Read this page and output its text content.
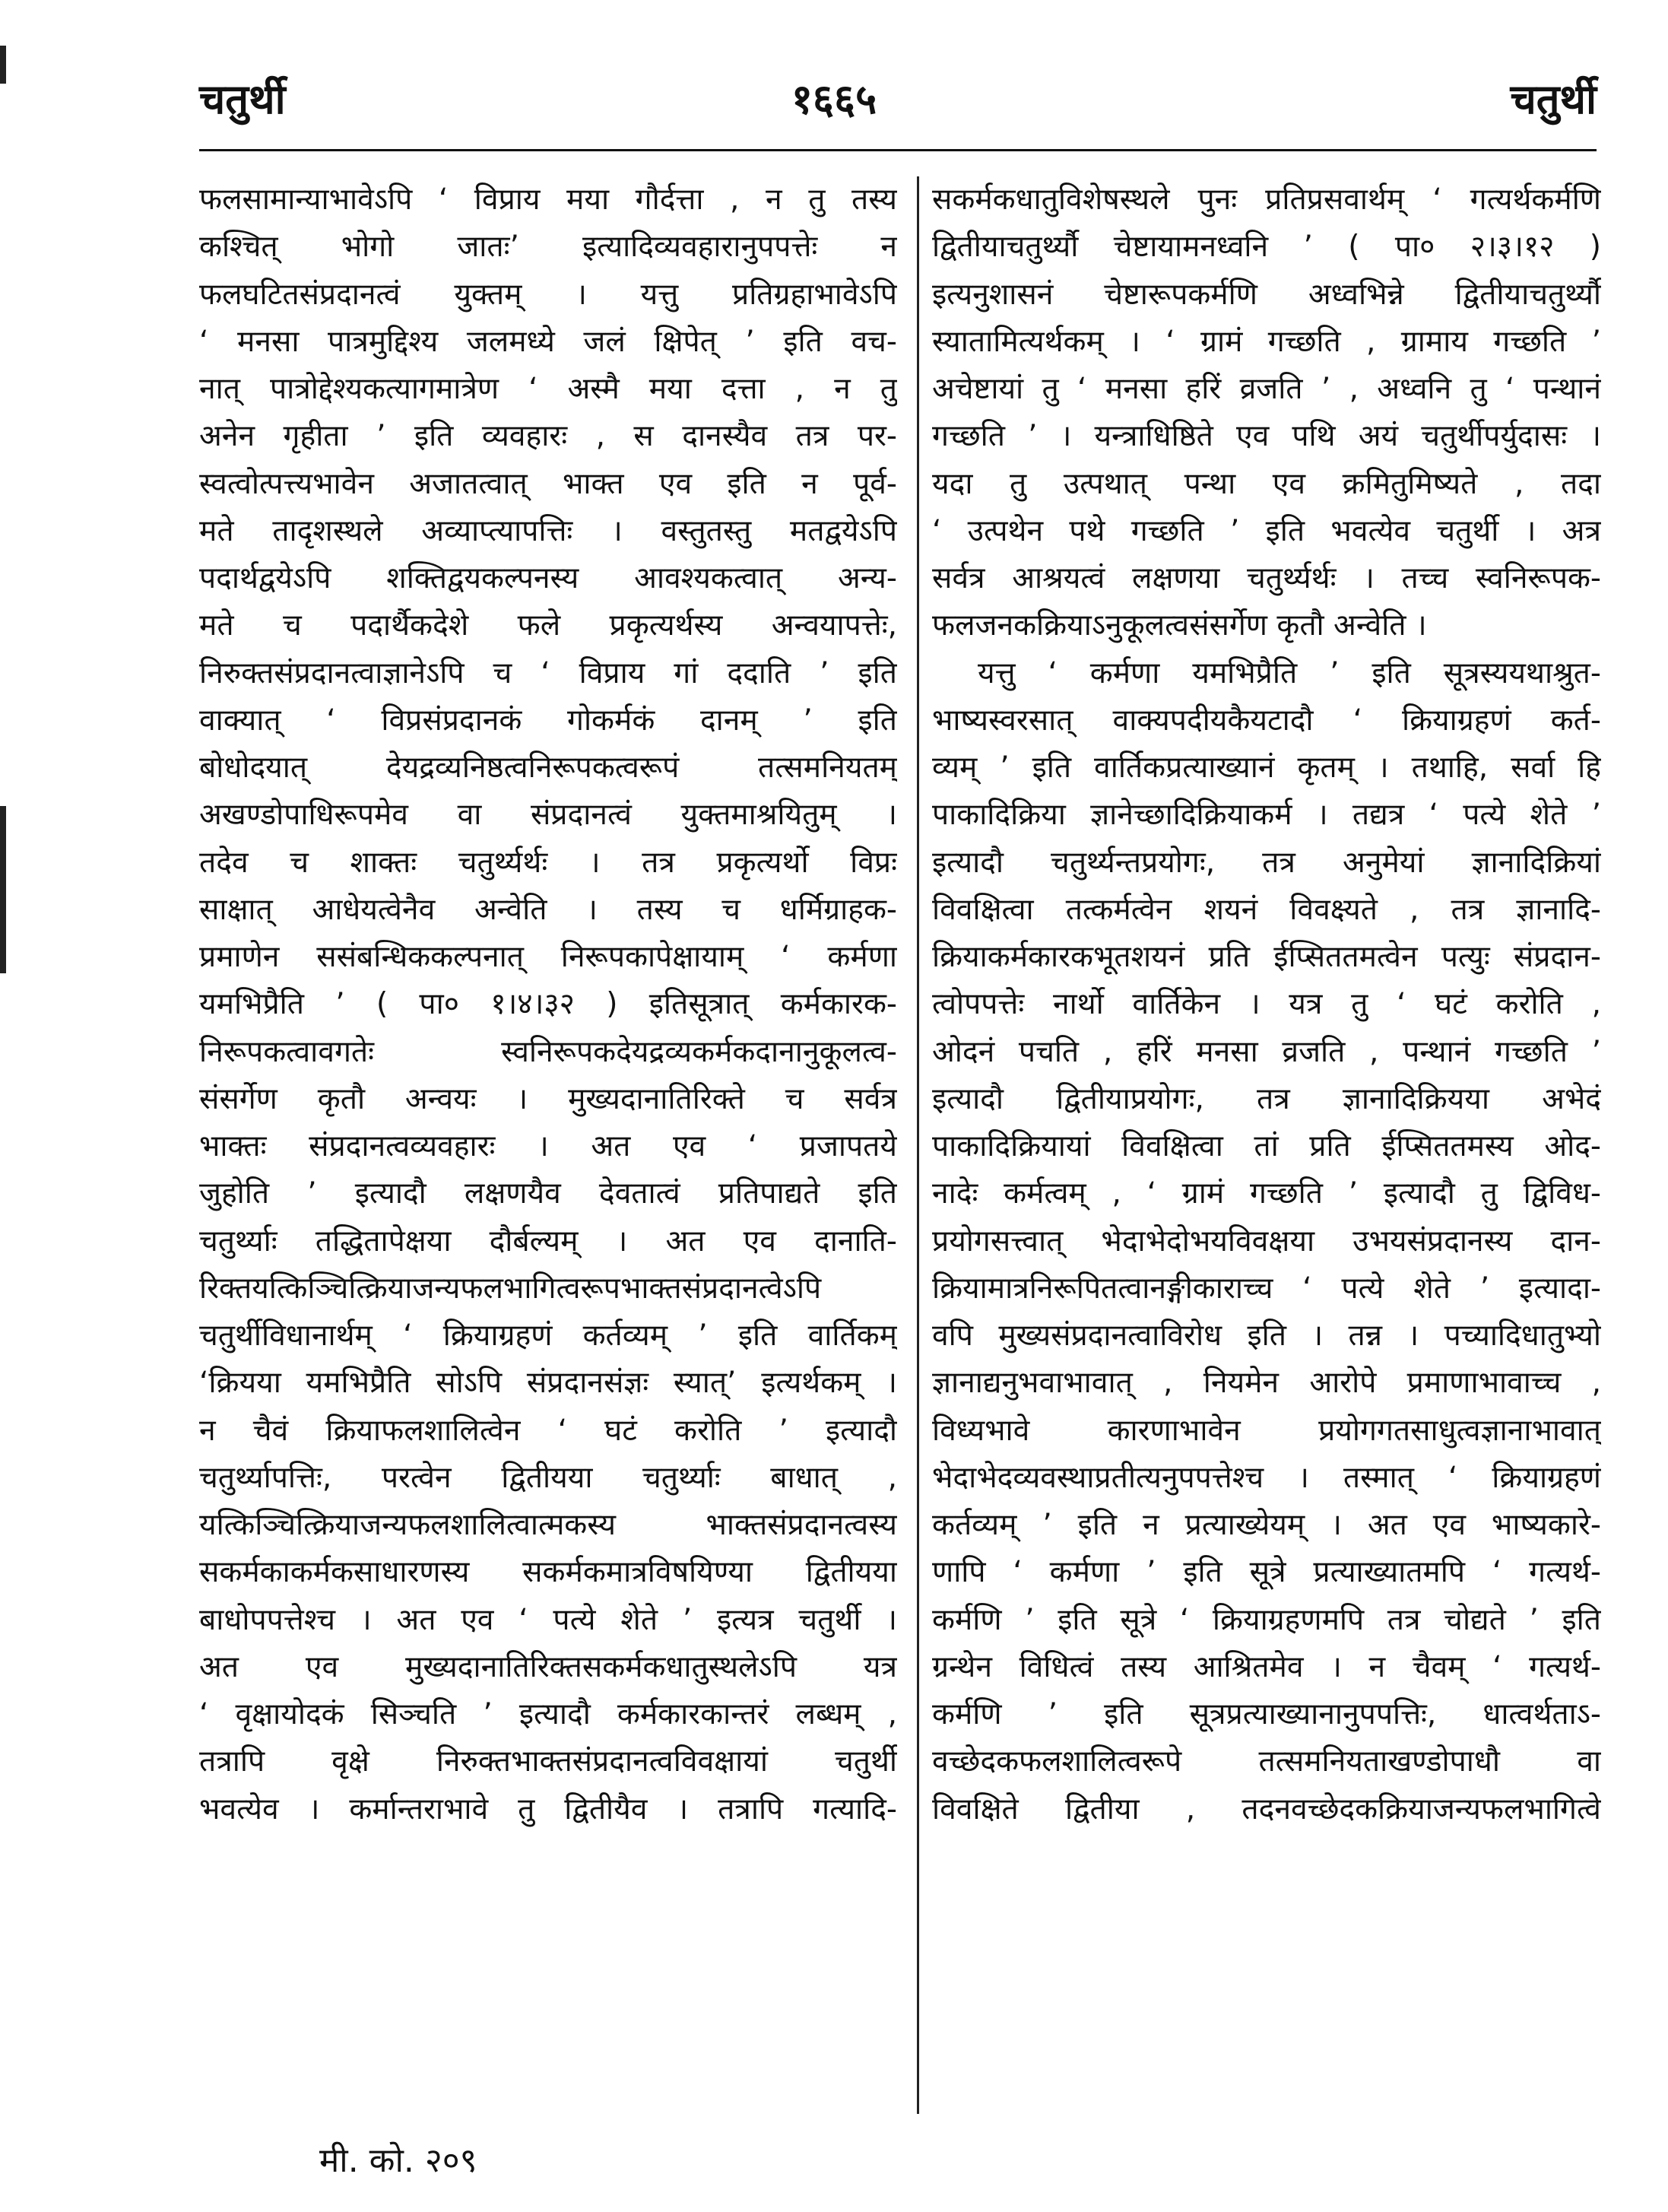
चतुर्थी	१६६५	चतुर्थी
फलसामान्याभावेऽपि ‘ विप्राय मया गौर्दत्ता , न तु तस्य
कश्चित् भोगो जातः’ इत्यादिव्यवहारानुपपत्तेः न
फलघटितसंप्रदानत्वं युक्तम् । यत्तु प्रतिग्रहाभावेऽपि
‘ मनसा पात्रमुद्दिश्य जलमध्ये जलं क्षिपेत् ’ इति वच-
नात् पात्रोद्देश्यकत्यागमात्रेण ‘ अस्मै मया दत्ता , न तु
अनेन गृहीता ’ इति व्यवहारः , स दानस्यैव तत्र पर-
स्वत्वोत्पत्त्यभावेन अजातत्वात् भाक्त एव इति न पूर्व-
मते तादृशस्थले अव्याप्त्यापत्तिः । वस्तुतस्तु मतद्वयेऽपि
पदार्थद्वयेऽपि शक्तिद्वयकल्पनस्य आवश्यकत्वात् अन्य-
मते च पदार्थैकदेशे फले प्रकृत्यर्थस्य अन्वयापत्तेः,
निरुक्तसंप्रदानत्वाज्ञानेऽपि च ‘ विप्राय गां ददाति ’ इति
वाक्यात् ‘ विप्रसंप्रदानकं गोकर्मकं दानम् ’ इति
बोधोदयात् देयद्रव्यनिष्ठत्वनिरूपकत्वरूपं तत्समनियतम्
अखण्डोपाधिरूपमेव वा संप्रदानत्वं युक्तमाश्रयितुम् ।
तदेव च शाक्तः चतुर्थ्यर्थः । तत्र प्रकृत्यर्थो विप्रः
साक्षात् आधेयत्वेनैव अन्वेति । तस्य च धर्मिग्राहक-
प्रमाणेन ससंबन्धिककल्पनात् निरूपकापेक्षायाम् ‘ कर्मणा
यमभिप्रैति ’ ( पा० १।४।३२ ) इतिसूत्रात् कर्मकारक-
निरूपकत्वावगतेः स्वनिरूपकदेयद्रव्यकर्मकदानानुकूलत्व-
संसर्गेण कृतौ अन्वयः । मुख्यदानातिरिक्ते च सर्वत्र
भाक्तः संप्रदानत्वव्यवहारः । अत एव ‘ प्रजापतये
जुहोति ’ इत्यादौ लक्षणयैव देवतात्वं प्रतिपाद्यते इति
चतुर्थ्याः तद्धितापेक्षया दौर्बल्यम् । अत एव दानाति-
रिक्तयत्किञ्चित्क्रियाजन्यफलभागित्वरूपभाक्तसंप्रदानत्वेऽपि
चतुर्थीविधानार्थम् ‘ क्रियाग्रहणं कर्तव्यम् ’ इति वार्तिकम्
‘क्रियया यमभिप्रैति सोऽपि संप्रदानसंज्ञः स्यात्’ इत्यर्थकम् ।
न चैवं क्रियाफलशालित्वेन ‘ घटं करोति ’ इत्यादौ
चतुर्थ्यापत्तिः, परत्वेन द्वितीयया चतुर्थ्याः बाधात् ,
यत्किञ्चित्क्रियाजन्यफलशालित्वात्मकस्य भाक्तसंप्रदानत्वस्य
सकर्मकाकर्मकसाधारणस्य सकर्मकमात्रविषयिण्या द्वितीयया
बाधोपपत्तेश्च । अत एव ‘ पत्ये शेते ’ इत्यत्र चतुर्थी ।
अत एव मुख्यदानातिरिक्तसकर्मकधातुस्थलेऽपि यत्र
‘ वृक्षायोदकं सिञ्चति ’ इत्यादौ कर्मकारकान्तरं लब्धम् ,
तत्रापि वृक्षे निरुक्तभाक्तसंप्रदानत्वविवक्षायां चतुर्थी
भवत्येव । कर्मान्तराभावे तु द्वितीयैव । तत्रापि गत्यादि-
सकर्मकधातुविशेषस्थले पुनः प्रतिप्रसवार्थम् ‘ गत्यर्थकर्मणि
द्वितीयाचतुर्थ्यौ चेष्टायामनध्वनि ’ ( पा० २।३।१२ )
इत्यनुशासनं चेष्टारूपकर्मणि अध्वभिन्ने द्वितीयाचतुर्थ्यौ
स्यातामित्यर्थकम् । ‘ ग्रामं गच्छति , ग्रामाय गच्छति ’
अचेष्टायां तु ‘ मनसा हरिं व्रजति ’ , अध्वनि तु ‘ पन्थानं
गच्छति ’ । यन्त्राधिष्ठिते एव पथि अयं चतुर्थीपर्युदासः ।
यदा तु उत्पथात् पन्था एव क्रमितुमिष्यते , तदा
‘ उत्पथेन पथे गच्छति ’ इति भवत्येव चतुर्थी । अत्र
सर्वत्र आश्रयत्वं लक्षणया चतुर्थ्यर्थः । तच्च स्वनिरूपक-
फलजनकक्रियाऽनुकूलत्वसंसर्गेण कृतौ अन्वेति ।
यत्तु ‘ कर्मणा यमभिप्रैति ’ इति सूत्रस्ययथाश्रुत-
भाष्यस्वरसात् वाक्यपदीयकैयटादौ ‘ क्रियाग्रहणं कर्त-
व्यम् ’ इति वार्तिकप्रत्याख्यानं कृतम् । तथाहि, सर्वा हि
पाकादिक्रिया ज्ञानेच्छादिक्रियाकर्म । तद्यत्र ‘ पत्ये शेते ’
इत्यादौ चतुर्थ्यन्तप्रयोगः, तत्र अनुमेयां ज्ञानादिक्रियां
विवक्षित्वा तत्कर्मत्वेन शयनं विवक्ष्यते , तत्र ज्ञानादि-
क्रियाकर्मकारकभूतशयनं प्रति ईप्सिततमत्वेन पत्युः संप्रदान-
त्वोपपत्तेः नार्थो वार्तिकेन । यत्र तु ‘ घटं करोति ,
ओदनं पचति , हरिं मनसा व्रजति , पन्थानं गच्छति ’
इत्यादौ द्वितीयाप्रयोगः, तत्र ज्ञानादिक्रियया अभेदं
पाकादिक्रियायां विवक्षित्वा तां प्रति ईप्सिततमस्य ओद-
नादेः कर्मत्वम् , ‘ ग्रामं गच्छति ’ इत्यादौ तु द्विविध-
प्रयोगसत्त्वात् भेदाभेदोभयविवक्षया उभयसंप्रदानस्य दान-
क्रियामात्रनिरूपितत्वानङ्गीकाराच्च ‘ पत्ये शेते ’ इत्यादा-
वपि मुख्यसंप्रदानत्वाविरोध इति । तन्न । पच्यादिधातुभ्यो
ज्ञानाद्यनुभवाभावात् , नियमेन आरोपे प्रमाणाभावाच्च ,
विध्यभावे कारणाभावेन प्रयोगगतसाधुत्वज्ञानाभावात्
भेदाभेदव्यवस्थाप्रतीत्यनुपपत्तेश्च । तस्मात् ‘ क्रियाग्रहणं
कर्तव्यम् ’ इति न प्रत्याख्येयम् । अत एव भाष्यकारे-
णापि ‘ कर्मणा ’ इति सूत्रे प्रत्याख्यातमपि ‘ गत्यर्थ-
कर्मणि ’ इति सूत्रे ‘ क्रियाग्रहणमपि तत्र चोद्यते ’ इति
ग्रन्थेन विधित्वं तस्य आश्रितमेव । न चैवम् ‘ गत्यर्थ-
कर्मणि ’ इति सूत्रप्रत्याख्यानानुपपत्तिः, धात्वर्थताऽ-
वच्छेदकफलशालित्वरूपे तत्समनियताखण्डोपाधौ वा
विवक्षिते द्वितीया , तदनवच्छेदकक्रियाजन्यफलभागित्वे
मी. को. २०९
